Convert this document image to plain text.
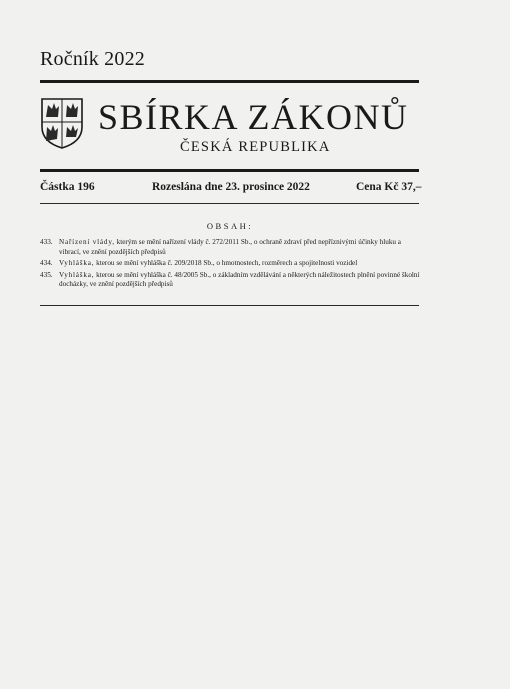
Ročník 2022
SBÍRKA ZÁKONŮ
ČESKÁ REPUBLIKA
Částka 196	Rozeslána dne 23. prosince 2022	Cena Kč 37,–
OBSAH:
433. Nařízení vlády, kterým se mění nařízení vlády č. 272/2011 Sb., o ochraně zdraví před nepříznivými účinky hluku a vibrací, ve znění pozdějších předpisů
434. Vyhláška, kterou se mění vyhláška č. 209/2018 Sb., o hmotnostech, rozměrech a spojitelnosti vozidel
435. Vyhláška, kterou se mění vyhláška č. 48/2005 Sb., o základním vzdělávání a některých náležitostech plnění povinné školní docházky, ve znění pozdějších předpisů
